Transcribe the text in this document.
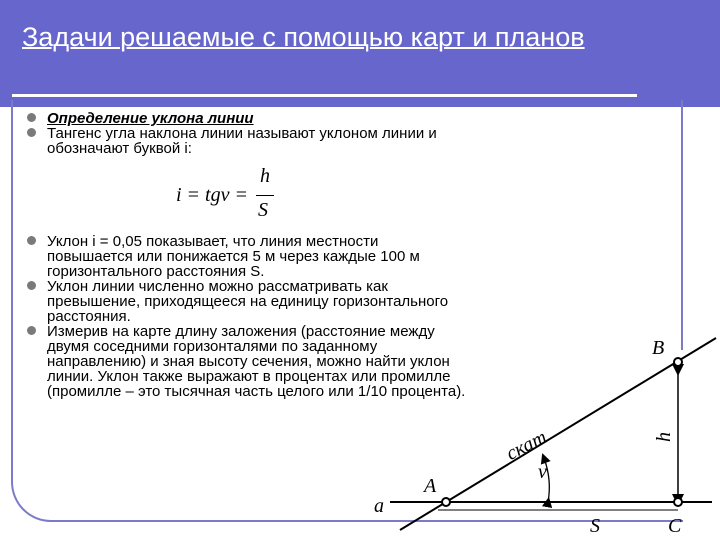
Задачи решаемые с помощью карт и планов
Определение уклона линии
Тангенс угла наклона линии называют уклоном линии и обозначают буквой i:
Уклон i = 0,05 показывает, что линия местности повышается или понижается 5 м через каждые 100 м горизонтального расстояния S.
Уклон линии численно можно рассматривать как превышение, приходящееся на единицу горизонтального расстояния.
Измерив на карте длину заложения (расстояние между двумя соседними горизонталями по заданному направлению) и зная высоту сечения, можно найти уклон линии. Уклон также выражают в процентах или промилле (промилле – это тысячная часть целого или 1/10 процента).
i = tgν =
h
S
B
A
C
a
S
h
ν
скат
